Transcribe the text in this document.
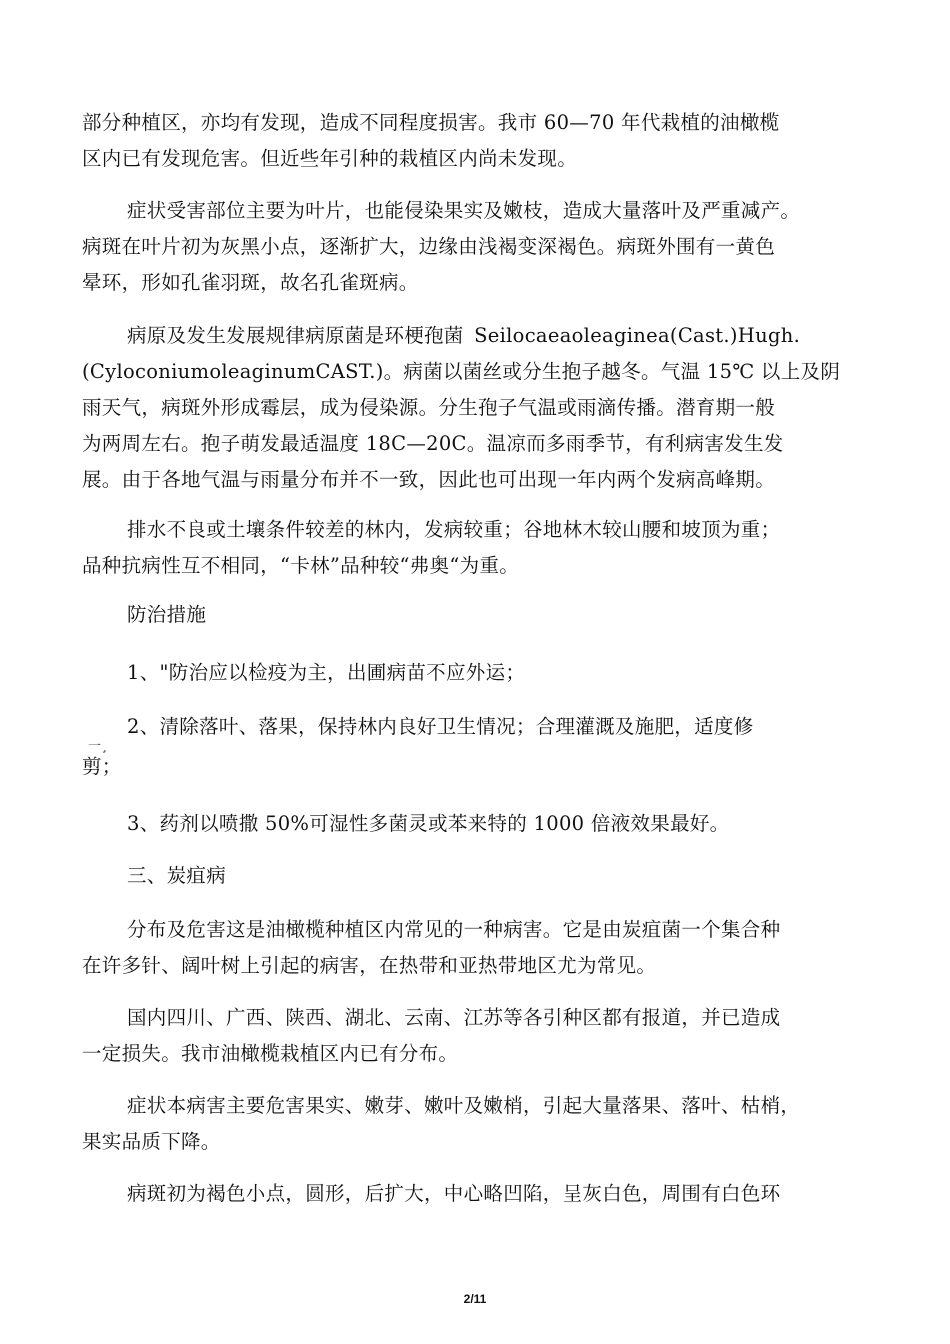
部分种植区，亦均有发现，造成不同程度损害。我市 60—70 年代栽植的油橄榄
区内已有发现危害。但近些年引种的栽植区内尚未发现。

症状受害部位主要为叶片，也能侵染果实及嫩枝，造成大量落叶及严重减产。
病斑在叶片初为灰黑小点，逐渐扩大，边缘由浅褐变深褐色。病斑外围有一黄色
晕环，形如孔雀羽斑，故名孔雀斑病。

病原及发生发展规律病原菌是环梗孢菌 Seilocaeaoleaginea(Cast.)Hugh.
(CyloconiumoleaginumCAST.)。病菌以菌丝或分生抱子越冬。气温 15℃ 以上及阴
雨天气，病斑外形成霉层，成为侵染源。分生孢子气温或雨滴传播。潜育期一般
为两周左右。抱子萌发最适温度 18C—20C。温凉而多雨季节，有利病害发生发
展。由于各地气温与雨量分布并不一致，因此也可出现一年内两个发病高峰期。

排水不良或土壤条件较差的林内，发病较重；谷地林木较山腰和坡顶为重；
品种抗病性互不相同，“卡林”品种较“弗奥“为重。

防治措施

1、"防治应以检疫为主，出圃病苗不应外运；

2、清除落叶、落果，保持林内良好卫生情况；合理灌溉及施肥，适度修
剪；

一¸

3、药剂以喷撒 50%可湿性多菌灵或苯来特的 1000 倍液效果最好。

三、炭疽病

分布及危害这是油橄榄种植区内常见的一种病害。它是由炭疽菌一个集合种
在许多针、阔叶树上引起的病害，在热带和亚热带地区尤为常见。

国内四川、广西、陕西、湖北、云南、江苏等各引种区都有报道，并已造成
一定损失。我市油橄榄栽植区内已有分布。

症状本病害主要危害果实、嫩芽、嫩叶及嫩梢，引起大量落果、落叶、枯梢，
果实品质下降。

病斑初为褐色小点，圆形，后扩大，中心略凹陷，呈灰白色，周围有白色环

2/11
